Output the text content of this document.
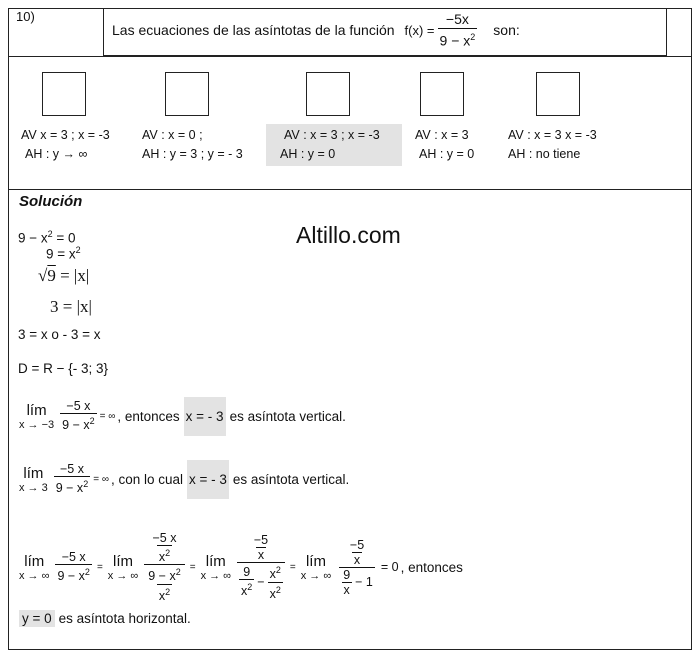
10)
Las ecuaciones de las asíntotas de la función $f(x) = \frac{-5x}{9 - x^2}$ son:
AV x = 3 ; x = -3
AH : y → ∞
AV : x = 0 ;
AH : y = 3 ; y = - 3
AV : x = 3 ; x = -3
AH : y = 0
AV : x = 3
AH : y = 0
AV : x = 3 x = -3
AH : no tiene
Solución
Altillo.com
$9 - x^2 = 0$
$9 = x^2$
√9 = |x|
3 = |x|
3 = x o - 3 = x
D = R − {- 3; 3}
lím
$x \to -3 \frac{-5 x}{9 - x^2}$ = ∞ , entonces x = - 3 es asíntota vertical.
lím
$x \to 3 \frac{-5 x}{9 - x^2}$ = ∞ , con lo cual x = - 3 es asíntota vertical.
lím
x → ∞ $\frac{-5 x}{9 - x^2}$ = lím
x → ∞ $\frac{\frac{-5 x}{x^2}}{\frac{9 - x^2}{x^2}}$ = lím
x → ∞ $\frac{\frac{-5}{x}}{\frac{9}{x^2} - \frac{x^2}{x^2}}$ = lím
x → ∞ $\frac{\frac{-5}{x}}{\frac{9}{x} - 1} = 0$ , entonces
y = 0 es asíntota horizontal.
